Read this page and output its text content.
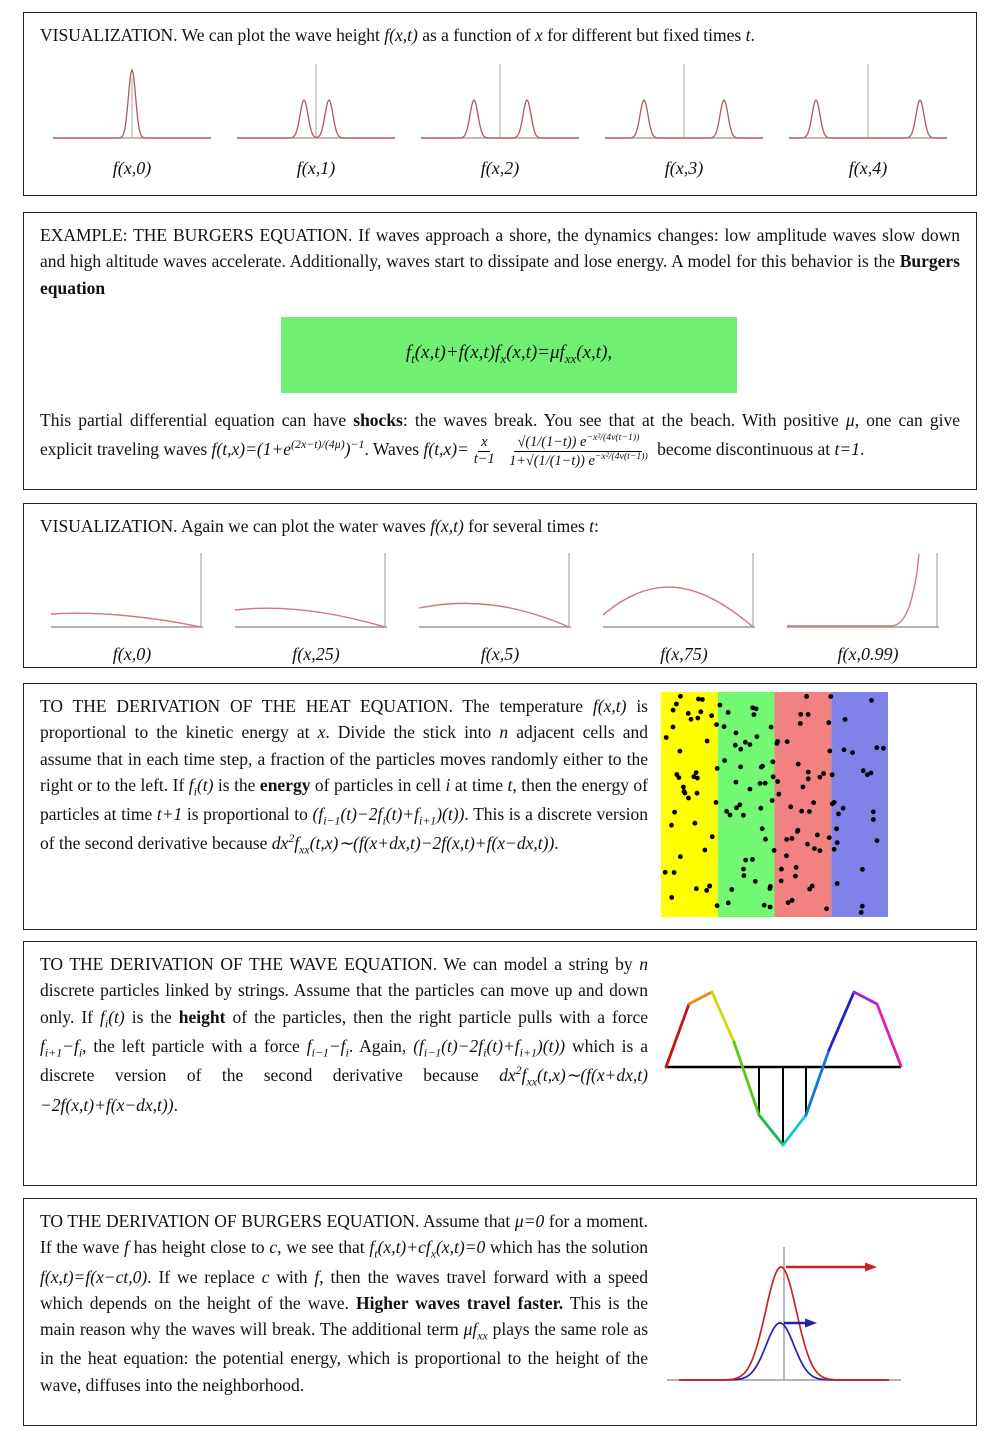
VISUALIZATION. We can plot the wave height f(x,t) as a function of x for different but fixed times t.
f(x,0)	f(x,1)	f(x,2)	f(x,3)	f(x,4)
EXAMPLE: THE BURGERS EQUATION. If waves approach a shore, the dynamics changes: low amplitude waves slow down and high altitude waves accelerate. Additionally, waves start to dissipate and lose energy. A model for this behavior is the Burgers equation
$f_t(x,t)+f(x,t)f_x(x,t)=\mu f_{xx}(x,t)$,
This partial differential equation can have shocks: the waves break. You see that at the beach. With positive μ, one can give explicit traveling waves $f(t,x)=(1+e^{(2x-t)/(4\mu)})^{-1}$. Waves $f(t,x)= \frac{x}{t-1}$
$\frac{√(1/(1-t)) e^{-x^2/(4\nu(t-1))}}{1+√(1/(1-t)) e^{-x^2/(4\nu(t-1))}}$ become discontinuous at t=1.
VISUALIZATION. Again we can plot the water waves f(x,t) for several times t:
f(x,0)	f(x,25)	f(x,5)	f(x,75)	f(x,0.99)
TO THE DERIVATION OF THE HEAT EQUATION. The temperature f(x,t) is proportional to the kinetic energy at x. Divide the stick into n adjacent cells and assume that in each time step, a fraction of the particles moves randomly either to the right or to the left. If $f_i(t)$ is the energy of particles in cell i at time t, then the energy of particles at time t+1 is proportional to $(f_{i-1}(t)-2f_i(t)+f_{i+1})(t)$). This is a discrete version of the second derivative because $dx^2f_{xx}(t,x)\sim(f(x+dx,t)-2f(x,t)+f(x-dx,t))$.
TO THE DERIVATION OF THE WAVE EQUATION. We can model a string by n discrete particles linked by strings. Assume that the particles can move up and down only. If $f_i(t)$ is the height of the particles, then the right particle pulls with a force $f_{i+1}-f_i$, the left particle with a force $f_{i-1}-f_i$. Again, $(f_{i-1}(t)-2f_i(t)+f_{i+1})(t)$) which is a discrete version of the second derivative because $dx^2f_{xx}(t,x)\sim(f(x+dx,t)-2f(x,t)+f(x-dx,t))$.
TO THE DERIVATION OF BURGERS EQUATION. Assume that μ=0 for a moment. If the wave f has height close to c, we see that $f_t(x,t)+cf_x(x,t)=0$ which has the solution f(x,t)=f(x−ct,0). If we replace c with f, then the waves travel forward with a speed which depends on the height of the wave. Higher waves travel faster. This is the main reason why the waves will break. The additional term $\mu f_{xx}$ plays the same role as in the heat equation: the potential energy, which is proportional to the height of the wave, diffuses into the neighborhood.
